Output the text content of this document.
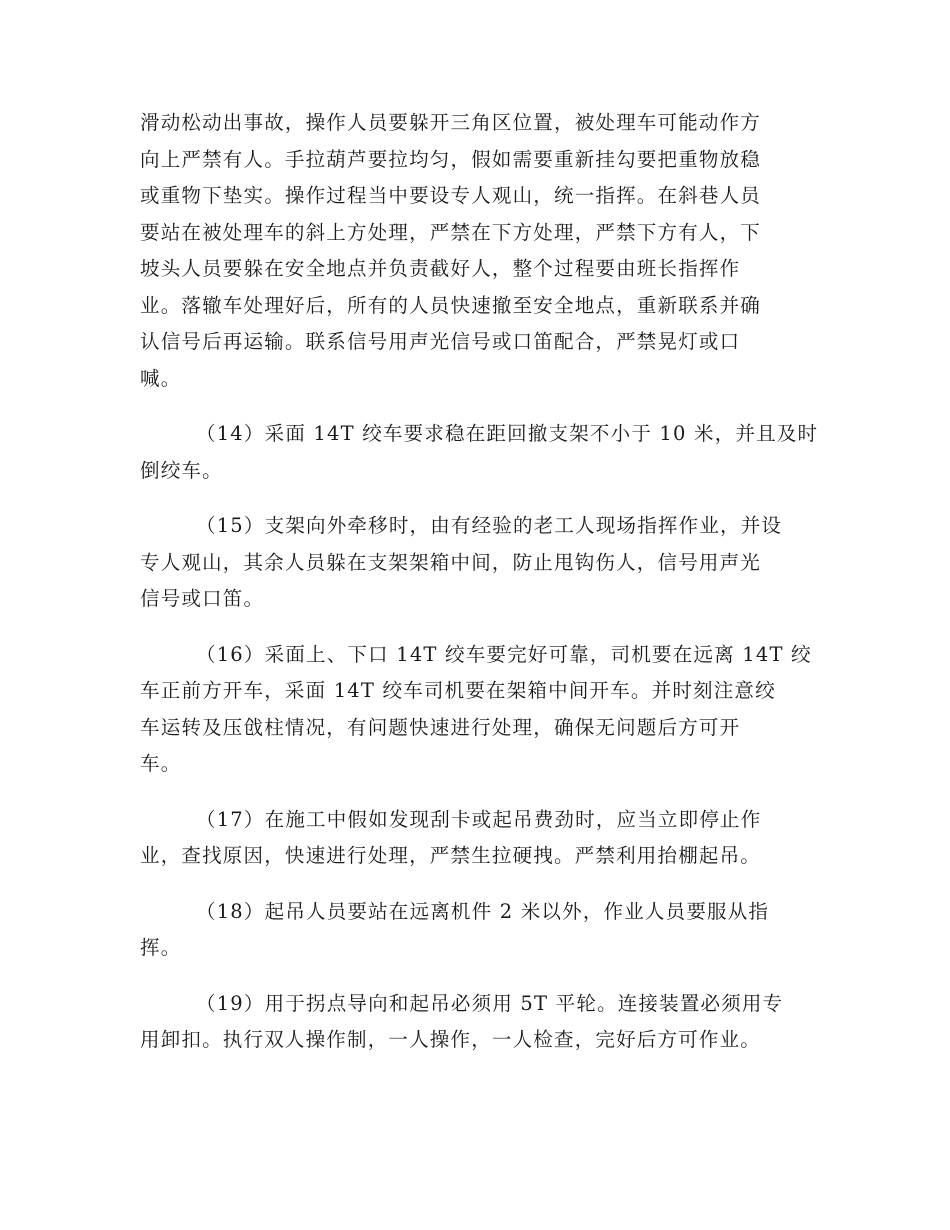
滑动松动出事故，操作人员要躲开三角区位置，被处理车可能动作方
向上严禁有人。手拉葫芦要拉均匀，假如需要重新挂勾要把重物放稳
或重物下垫实。操作过程当中要设专人观山，统一指挥。在斜巷人员
要站在被处理车的斜上方处理，严禁在下方处理，严禁下方有人，下
坡头人员要躲在安全地点并负责截好人，整个过程要由班长指挥作
业。落辙车处理好后，所有的人员快速撤至安全地点，重新联系并确
认信号后再运输。联系信号用声光信号或口笛配合，严禁晃灯或口
喊。
（14）采面 14T 绞车要求稳在距回撤支架不小于 10 米，并且及时
倒绞车。
（15）支架向外牵移时，由有经验的老工人现场指挥作业，并设
专人观山，其余人员躲在支架架箱中间，防止甩钩伤人，信号用声光
信号或口笛。
（16）采面上、下口 14T 绞车要完好可靠，司机要在远离 14T 绞
车正前方开车，采面 14T 绞车司机要在架箱中间开车。并时刻注意绞
车运转及压戗柱情况，有问题快速进行处理，确保无问题后方可开
车。
（17）在施工中假如发现刮卡或起吊费劲时，应当立即停止作
业，查找原因，快速进行处理，严禁生拉硬拽。严禁利用抬棚起吊。
（18）起吊人员要站在远离机件 2 米以外，作业人员要服从指
挥。
（19）用于拐点导向和起吊必须用 5T 平轮。连接装置必须用专
用卸扣。执行双人操作制，一人操作，一人检查，完好后方可作业。
